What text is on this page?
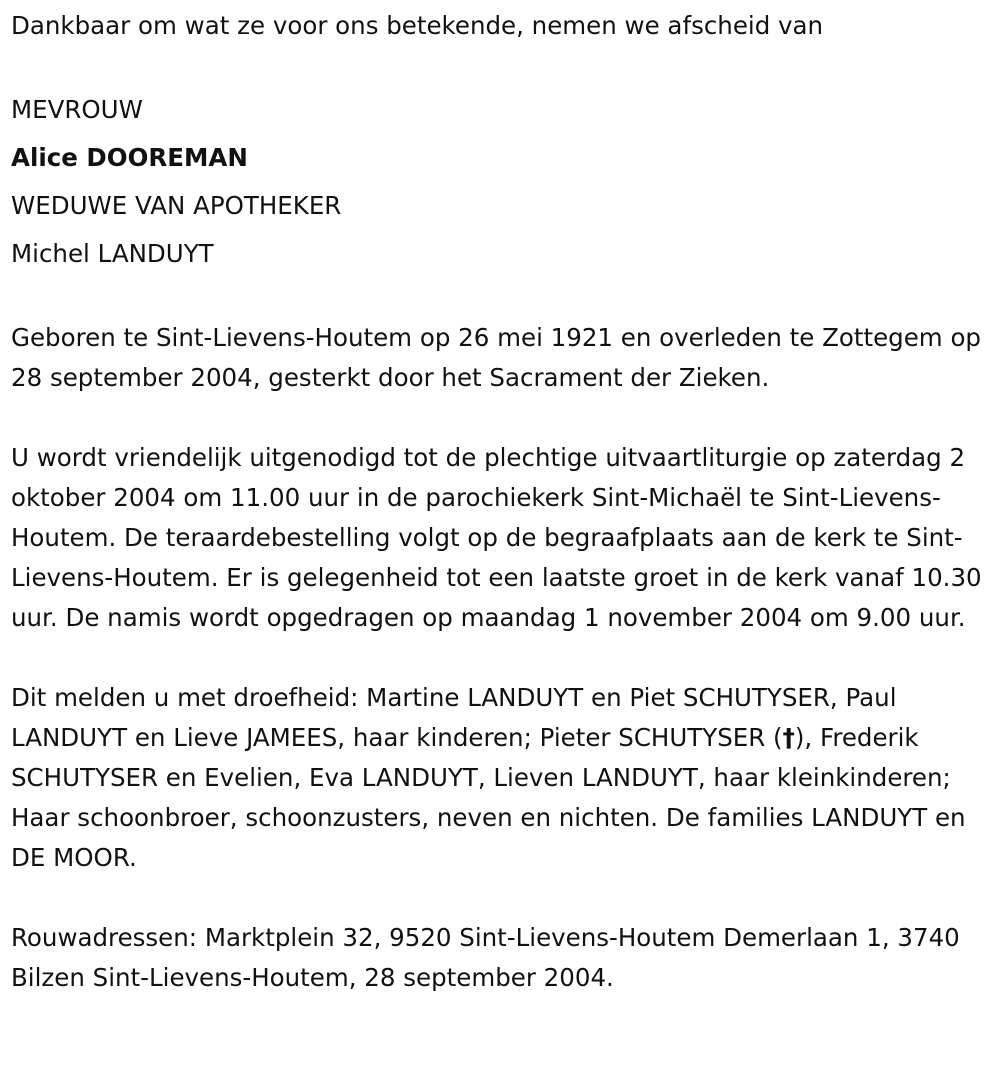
Dankbaar om wat ze voor ons betekende, nemen we afscheid van

MEVROUW

Alice DOOREMAN

WEDUWE VAN APOTHEKER

Michel LANDUYT

Geboren te Sint-Lievens-Houtem op 26 mei 1921 en overleden te Zottegem op 28 september 2004, gesterkt door het Sacrament der Zieken.

U wordt vriendelijk uitgenodigd tot de plechtige uitvaartliturgie op zaterdag 2 oktober 2004 om 11.00 uur in de parochiekerk Sint-Michaël te Sint-Lievens-Houtem. De teraardebestelling volgt op de begraafplaats aan de kerk te Sint-Lievens-Houtem. Er is gelegenheid tot een laatste groet in de kerk vanaf 10.30 uur. De namis wordt opgedragen op maandag 1 november 2004 om 9.00 uur.

Dit melden u met droefheid: Martine LANDUYT en Piet SCHUTYSER, Paul LANDUYT en Lieve JAMEES, haar kinderen; Pieter SCHUTYSER (†), Frederik SCHUTYSER en Evelien, Eva LANDUYT, Lieven LANDUYT, haar kleinkinderen; Haar schoonbroer, schoonzusters, neven en nichten. De families LANDUYT en DE MOOR.

Rouwadressen: Marktplein 32, 9520 Sint-Lievens-Houtem Demerlaan 1, 3740 Bilzen Sint-Lievens-Houtem, 28 september 2004.
